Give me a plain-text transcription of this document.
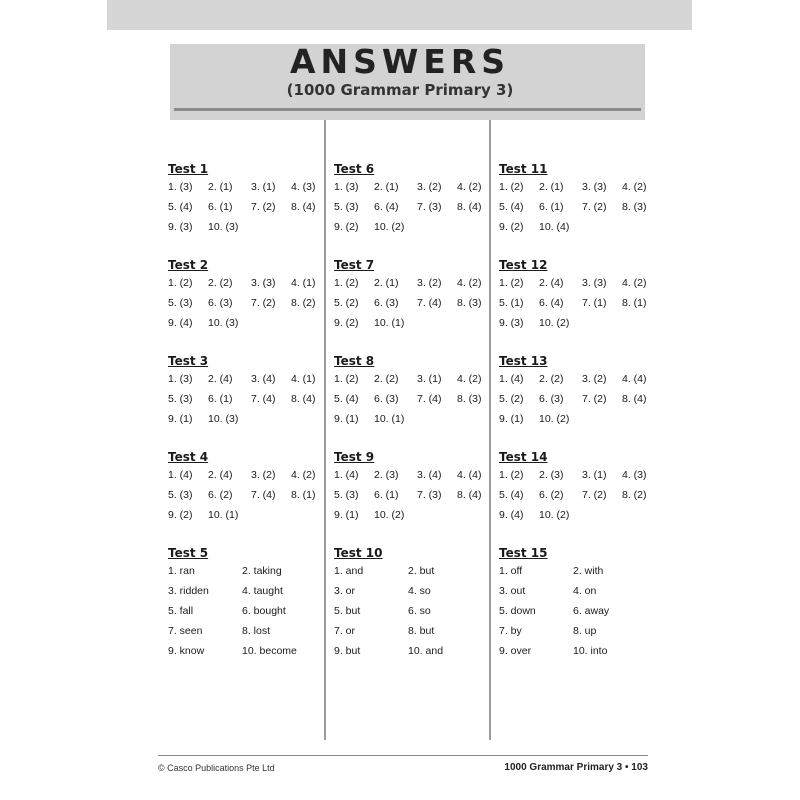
ANSWERS
(1000 Grammar Primary 3)
Test 1
1. (3) 2. (1) 3. (1) 4. (3)
5. (4) 6. (1) 7. (2) 8. (4)
9. (3) 10. (3)
Test 2
1. (2) 2. (2) 3. (3) 4. (1)
5. (3) 6. (3) 7. (2) 8. (2)
9. (4) 10. (3)
Test 3
1. (3) 2. (4) 3. (4) 4. (1)
5. (3) 6. (1) 7. (4) 8. (4)
9. (1) 10. (3)
Test 4
1. (4) 2. (4) 3. (2) 4. (2)
5. (3) 6. (2) 7. (4) 8. (1)
9. (2) 10. (1)
Test 5
1. ran	2. taking
3. ridden	4. taught
5. fall	6. bought
7. seen	8. lost
9. know	10. become
Test 6
1. (3) 2. (1) 3. (2) 4. (2)
5. (3) 6. (4) 7. (3) 8. (4)
9. (2) 10. (2)
Test 7
1. (2) 2. (1) 3. (2) 4. (2)
5. (2) 6. (3) 7. (4) 8. (3)
9. (2) 10. (1)
Test 8
1. (2) 2. (2) 3. (1) 4. (2)
5. (4) 6. (3) 7. (4) 8. (3)
9. (1) 10. (1)
Test 9
1. (4) 2. (3) 3. (4) 4. (4)
5. (3) 6. (1) 7. (3) 8. (4)
9. (1) 10. (2)
Test 10
1. and	2. but
3. or	4. so
5. but	6. so
7. or	8. but
9. but	10. and
Test 11
1. (2) 2. (1) 3. (3) 4. (2)
5. (4) 6. (1) 7. (2) 8. (3)
9. (2) 10. (4)
Test 12
1. (2) 2. (4) 3. (3) 4. (2)
5. (1) 6. (4) 7. (1) 8. (1)
9. (3) 10. (2)
Test 13
1. (4) 2. (2) 3. (2) 4. (4)
5. (2) 6. (3) 7. (2) 8. (4)
9. (1) 10. (2)
Test 14
1. (2) 2. (3) 3. (1) 4. (3)
5. (4) 6. (2) 7. (2) 8. (2)
9. (4) 10. (2)
Test 15
1. off	2. with
3. out	4. on
5. down	6. away
7. by	8. up
9. over	10. into
© Casco Publications Pte Ltd	1000 Grammar Primary 3 • 103
